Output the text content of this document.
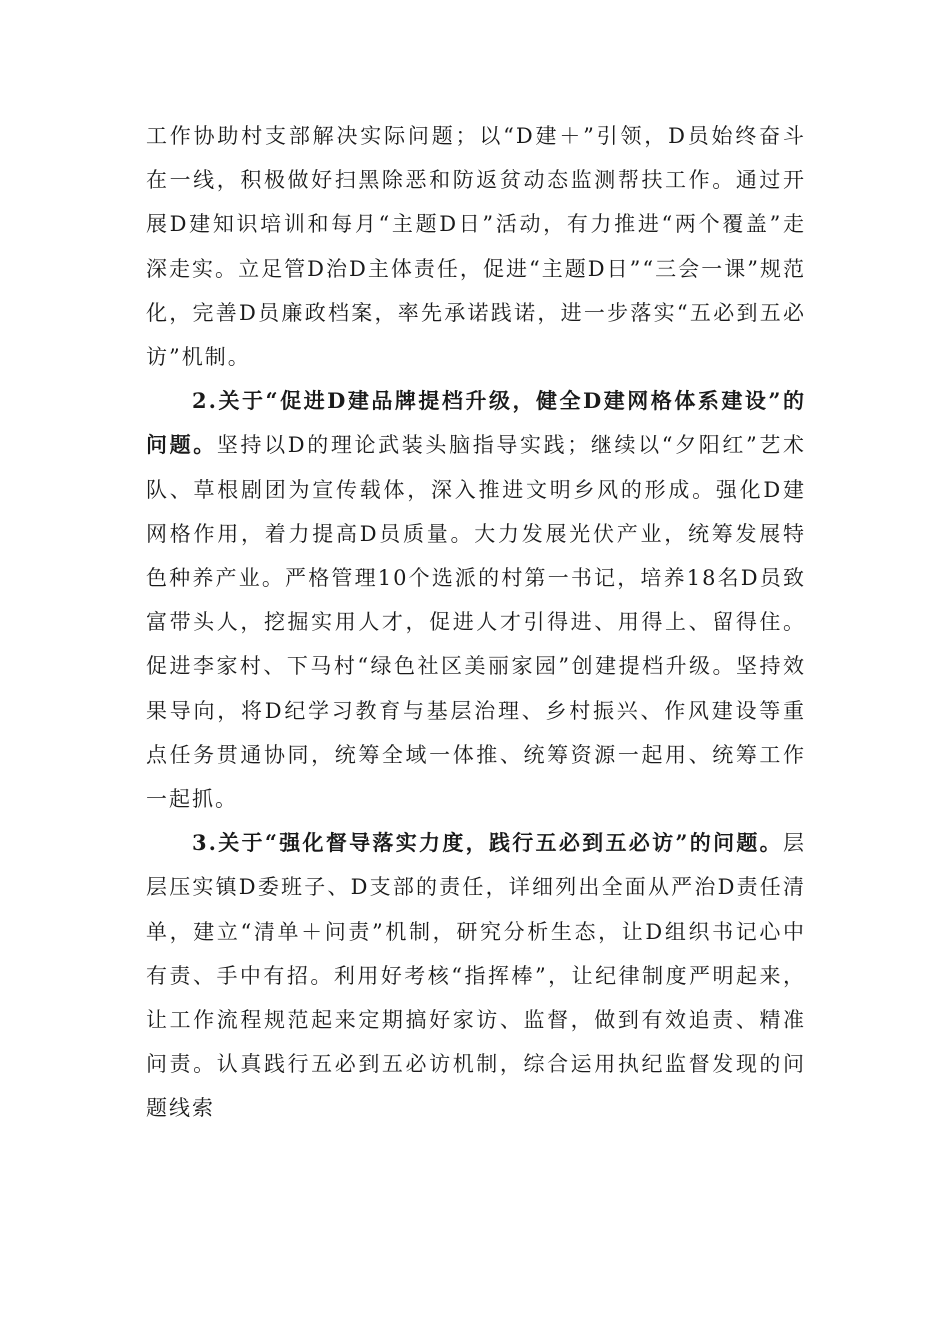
工作协助村支部解决实际问题；以“D建＋”引领，D员始终奋斗在一线，积极做好扫黑除恶和防返贫动态监测帮扶工作。通过开展D建知识培训和每月“主题D日”活动，有力推进“两个覆盖”走深走实。立足管D治D主体责任，促进“主题D日”“三会一课”规范化，完善D员廉政档案，率先承诺践诺，进一步落实“五必到五必访”机制。

2.关于“促进D建品牌提档升级，健全D建网格体系建设”的问题。坚持以D的理论武装头脑指导实践；继续以“夕阳红”艺术队、草根剧团为宣传载体，深入推进文明乡风的形成。强化D建网格作用，着力提高D员质量。大力发展光伏产业，统筹发展特色种养产业。严格管理10个选派的村第一书记，培养18名D员致富带头人，挖掘实用人才，促进人才引得进、用得上、留得住。促进李家村、下马村“绿色社区美丽家园”创建提档升级。坚持效果导向，将D纪学习教育与基层治理、乡村振兴、作风建设等重点任务贯通协同，统筹全域一体推、统筹资源一起用、统筹工作一起抓。

3.关于“强化督导落实力度，践行五必到五必访”的问题。层层压实镇D委班子、D支部的责任，详细列出全面从严治D责任清单，建立“清单＋问责”机制，研究分析生态，让D组织书记心中有责、手中有招。利用好考核“指挥棒”，让纪律制度严明起来，让工作流程规范起来定期搞好家访、监督，做到有效追责、精准问责。认真践行五必到五必访机制，综合运用执纪监督发现的问题线索
